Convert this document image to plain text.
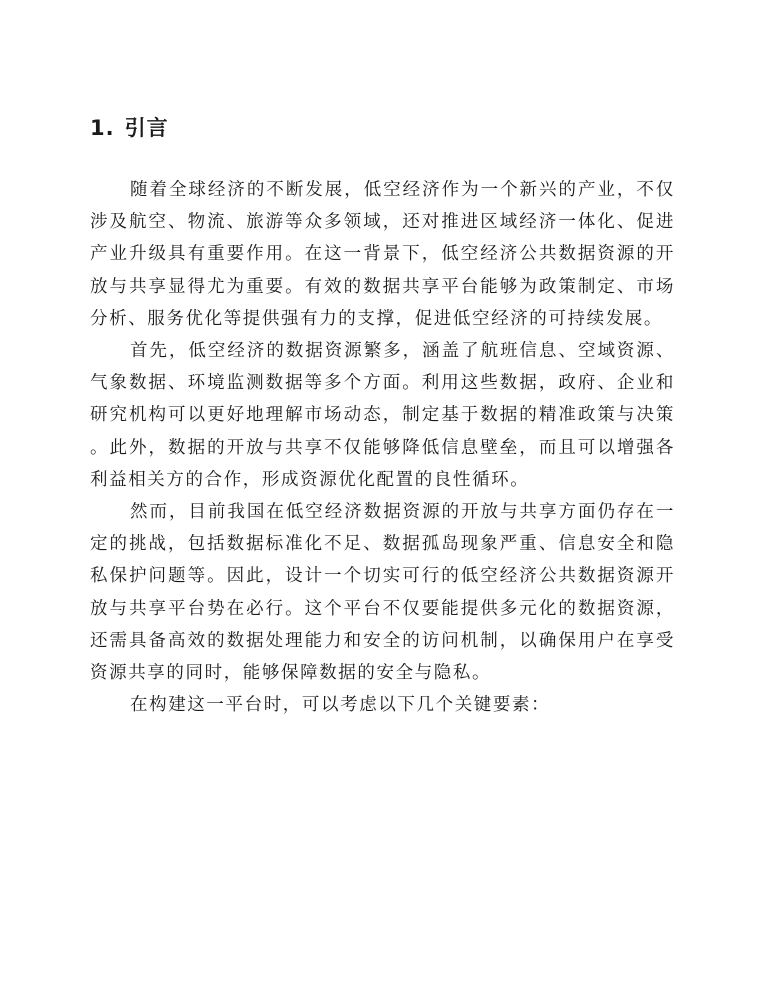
1. 引言

随着全球经济的不断发展，低空经济作为一个新兴的产业，不仅涉及航空、物流、旅游等众多领域，还对推进区域经济一体化、促进产业升级具有重要作用。在这一背景下，低空经济公共数据资源的开放与共享显得尤为重要。有效的数据共享平台能够为政策制定、市场分析、服务优化等提供强有力的支撑，促进低空经济的可持续发展。

首先，低空经济的数据资源繁多，涵盖了航班信息、空域资源、气象数据、环境监测数据等多个方面。利用这些数据，政府、企业和研究机构可以更好地理解市场动态，制定基于数据的精准政策与决策。此外，数据的开放与共享不仅能够降低信息壁垒，而且可以增强各利益相关方的合作，形成资源优化配置的良性循环。

然而，目前我国在低空经济数据资源的开放与共享方面仍存在一定的挑战，包括数据标准化不足、数据孤岛现象严重、信息安全和隐私保护问题等。因此，设计一个切实可行的低空经济公共数据资源开放与共享平台势在必行。这个平台不仅要能提供多元化的数据资源，还需具备高效的数据处理能力和安全的访问机制，以确保用户在享受资源共享的同时，能够保障数据的安全与隐私。

在构建这一平台时，可以考虑以下几个关键要素：
